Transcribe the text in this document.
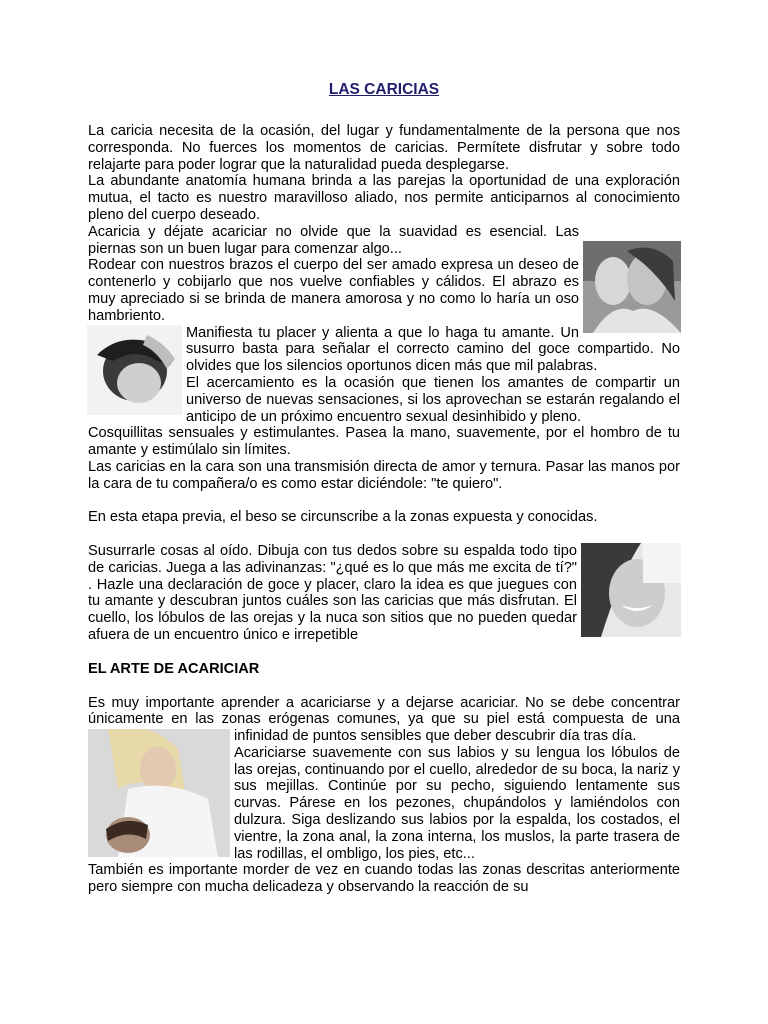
LAS CARICIAS

La caricia necesita de la ocasión, del lugar y fundamentalmente de la persona que nos corresponda. No fuerces los momentos de caricias. Permítete disfrutar y sobre todo relajarte para poder lograr que la naturalidad pueda desplegarse.

La abundante anatomía humana brinda a las parejas la oportunidad de una exploración mutua, el tacto es nuestro maravilloso aliado, nos permite anticiparnos al conocimiento pleno del cuerpo deseado.

Acaricia y déjate acariciar no olvide que la suavidad es esencial. Las piernas son un buen lugar para comenzar algo...

Rodear con nuestros brazos el cuerpo del ser amado expresa un deseo de contenerlo y cobijarlo que nos vuelve confiables y cálidos. El abrazo es muy apreciado si se brinda de manera amorosa y no como lo haría un oso hambriento.

Manifiesta tu placer y alienta a que lo haga tu amante. Un susurro basta para señalar el correcto camino del goce compartido. No olvides que los silencios oportunos dicen más que mil palabras.

El acercamiento es la ocasión que tienen los amantes de compartir un universo de nuevas sensaciones, si los aprovechan se estarán regalando el anticipo de un próximo encuentro sexual desinhibido y pleno.

Cosquillitas sensuales y estimulantes. Pasea la mano, suavemente, por el hombro de tu amante y estimúlalo sin límites.

Las caricias en la cara son una transmisión directa de amor y ternura. Pasar las manos por la cara de tu compañera/o es como estar diciéndole: "te quiero".

En esta etapa previa, el beso se circunscribe a la zonas expuesta y conocidas.

Susurrarle cosas al oído. Dibuja con tus dedos sobre su espalda todo tipo de caricias. Juega a las adivinanzas: "¿qué es lo que más me excita de tí?" . Hazle una declaración de goce y placer, claro la idea es que juegues con tu amante y descubran juntos cuáles son las caricias que más disfrutan. El cuello, los lóbulos de las orejas y la nuca son sitios que no pueden quedar afuera de un encuentro único e irrepetible

EL ARTE DE ACARICIAR

Es muy importante aprender a acariciarse y a dejarse acariciar. No se debe concentrar únicamente en las zonas erógenas comunes, ya que su piel está compuesta de una infinidad de puntos sensibles que deber descubrir día tras día.

Acariciarse suavemente con sus labios y su lengua los lóbulos de las orejas, continuando por el cuello, alrededor de su boca, la nariz y sus mejillas. Continúe por su pecho, siguiendo lentamente sus curvas. Párese en los pezones, chupándolos y lamiéndolos con dulzura. Siga deslizando sus labios por la espalda, los costados, el vientre, la zona anal, la zona interna, los muslos, la parte trasera de las rodillas, el ombligo, los pies, etc...

También es importante morder de vez en cuando todas las zonas descritas anteriormente pero siempre con mucha delicadeza y observando la reacción de su
